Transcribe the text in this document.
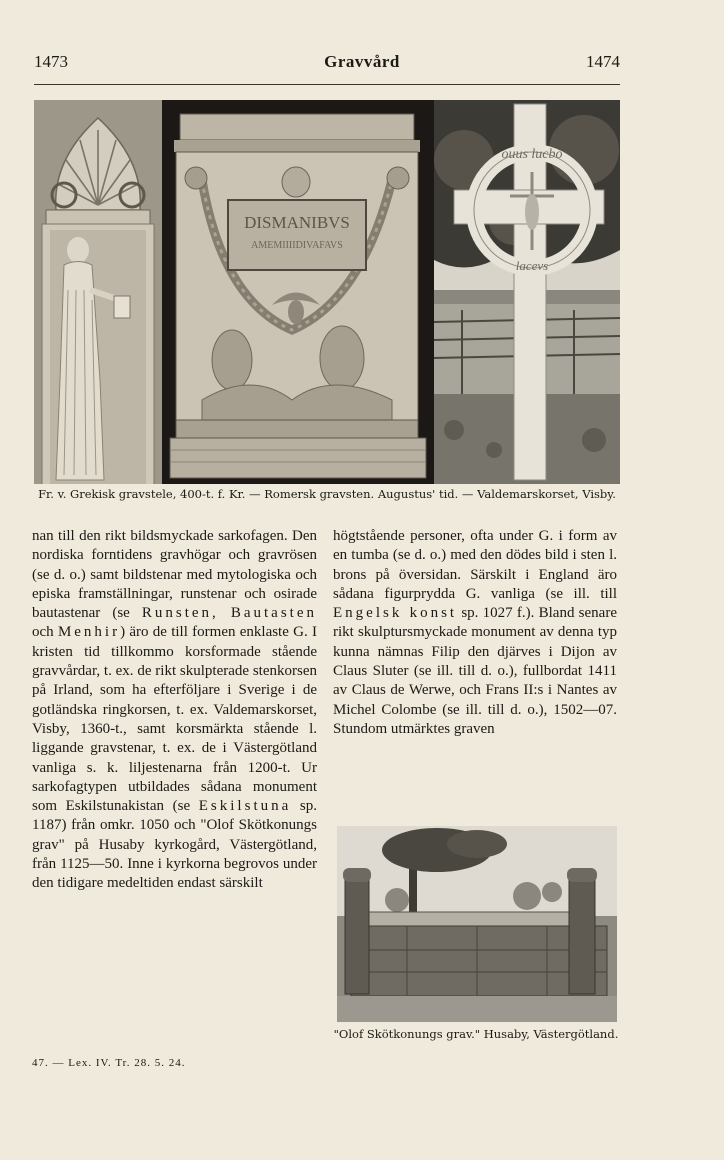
1473	Gravvård	1474
DISMANIBVS
AMEMIIIIDIVAFAVS
ouus lucbo
lacevs
Fr. v. Grekisk gravstele, 400-t. f. Kr. — Romersk gravsten. Augustus' tid. — Valdemarskorset, Visby.

nan till den rikt bildsmyckade sarkofagen. Den nordiska forntidens gravhögar och gravrösen (se d. o.) samt bildstenar med mytologiska och episka framställningar, runstenar och osirade bautastenar (se Runsten, Bautasten och Menhir) äro de till formen enklaste G. I kristen tid tillkommo korsformade stående gravvårdar, t. ex. de rikt skulpterade stenkorsen på Irland, som ha efterföljare i Sverige i de gotländska ringkorsen, t. ex. Valdemarskorset, Visby, 1360-t., samt korsmärkta stående l. liggande gravstenar, t. ex. de i Västergötland vanliga s. k. liljestenarna från 1200-t. Ur sarkofagtypen utbildades sådana monument som Eskilstunakistan (se Eskilstuna sp. 1187) från omkr. 1050 och "Olof Skötkonungs grav" på Husaby kyrkogård, Västergötland, från 1125—50. Inne i kyrkorna begrovos under den tidigare medeltiden endast särskilt

högtstående personer, ofta under G. i form av en tumba (se d. o.) med den dödes bild i sten l. brons på översidan. Särskilt i England äro sådana figurprydda G. vanliga (se ill. till Engelsk konst sp. 1027 f.). Bland senare rikt skulptursmyckade monument av denna typ kunna nämnas Filip den djärves i Dijon av Claus Sluter (se ill. till d. o.), fullbordat 1411 av Claus de Werwe, och Frans II:s i Nantes av Michel Colombe (se ill. till d. o.), 1502—07. Stundom utmärktes graven

"Olof Skötkonungs grav." Husaby, Västergötland.
47. — Lex. IV. Tr. 28. 5. 24.
